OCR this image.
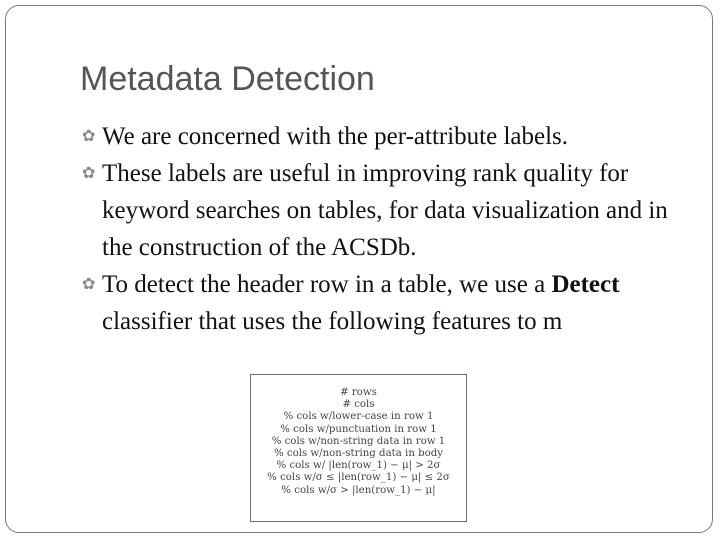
Metadata Detection

✿ We are concerned with the per-attribute labels.

✿ These labels are useful in improving rank quality for keyword searches on tables, for data visualization and in the construction of the ACSDb.

✿ To detect the header row in a table, we use a Detect classifier that uses the following features to m

# rows
# cols
% cols w/lower-case in row 1
% cols w/punctuation in row 1
% cols w/non-string data in row 1
% cols w/non-string data in body
% cols w/ |len(row_1) − μ| > 2σ
% cols w/σ ≤ |len(row_1) − μ| ≤ 2σ
% cols w/σ > |len(row_1) − μ|
